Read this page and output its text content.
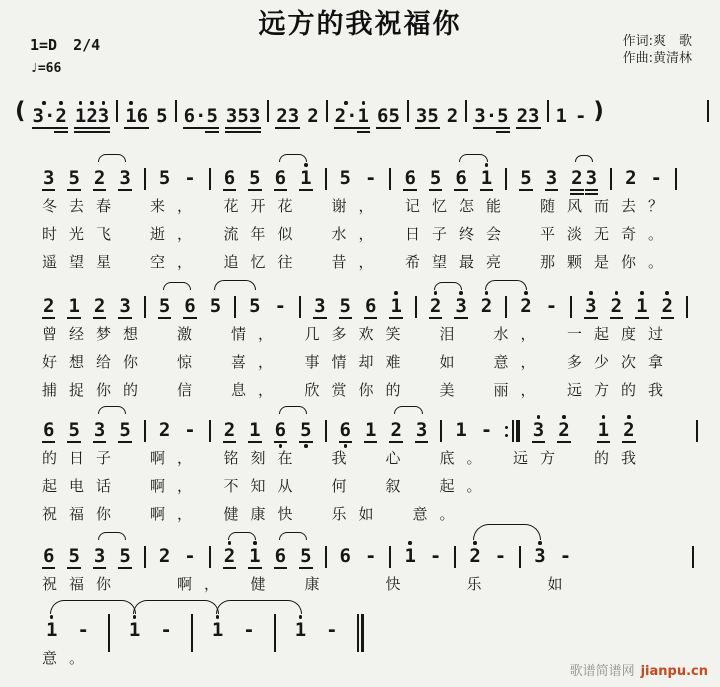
远方的我祝福你
1=D 2/4
♩=66
作词:爽　歌
作曲:黄清林
( 3· 2 1 2 3 1 6 5 6· 5 3 5 3 2 3 2 2· 1 6 5 3 5 2 3· 5 2 3 1 - )
3 5 2 3 5 - 6 5 6 1 5 - 6 5 6 1 5 3 2 3 2 -
冬去春　来，　花开花　谢，　记忆怎能　随风而去？
时光飞　逝，　流年似　水，　日子终会　平淡无奇。
遥望星　空，　追忆往　昔，　希望最亮　那颗是你。
2 1 2 3 5 6 5 5 - 3 5 6 1 2 3 2 2 - 3 2 1 2
曾经梦想　激　情，　几多欢笑　泪　水，　一起度过
好想给你　惊　喜，　事情却难　如　意，　多少次拿
捕捉你的　信　息，　欣赏你的　美　丽，　远方的我
6 5 3 5 2 - 2 1 6 5 6 1 2 3 1 - 3 2 1 2
的日子　啊，　铭刻在　我　心　底。　远方　的我
起电话　啊，　不知从　何　叙　起。
祝福你　啊，　健康快　乐如　意。
6 5 3 5 2 - 2 1 6 5 6 - 1 - 2 - 3 -
祝福你　　啊，　健　康　　快　　乐　　如
1 - 1 - 1 - 1 -
意。
歌谱简谱网 jianpu.cn
